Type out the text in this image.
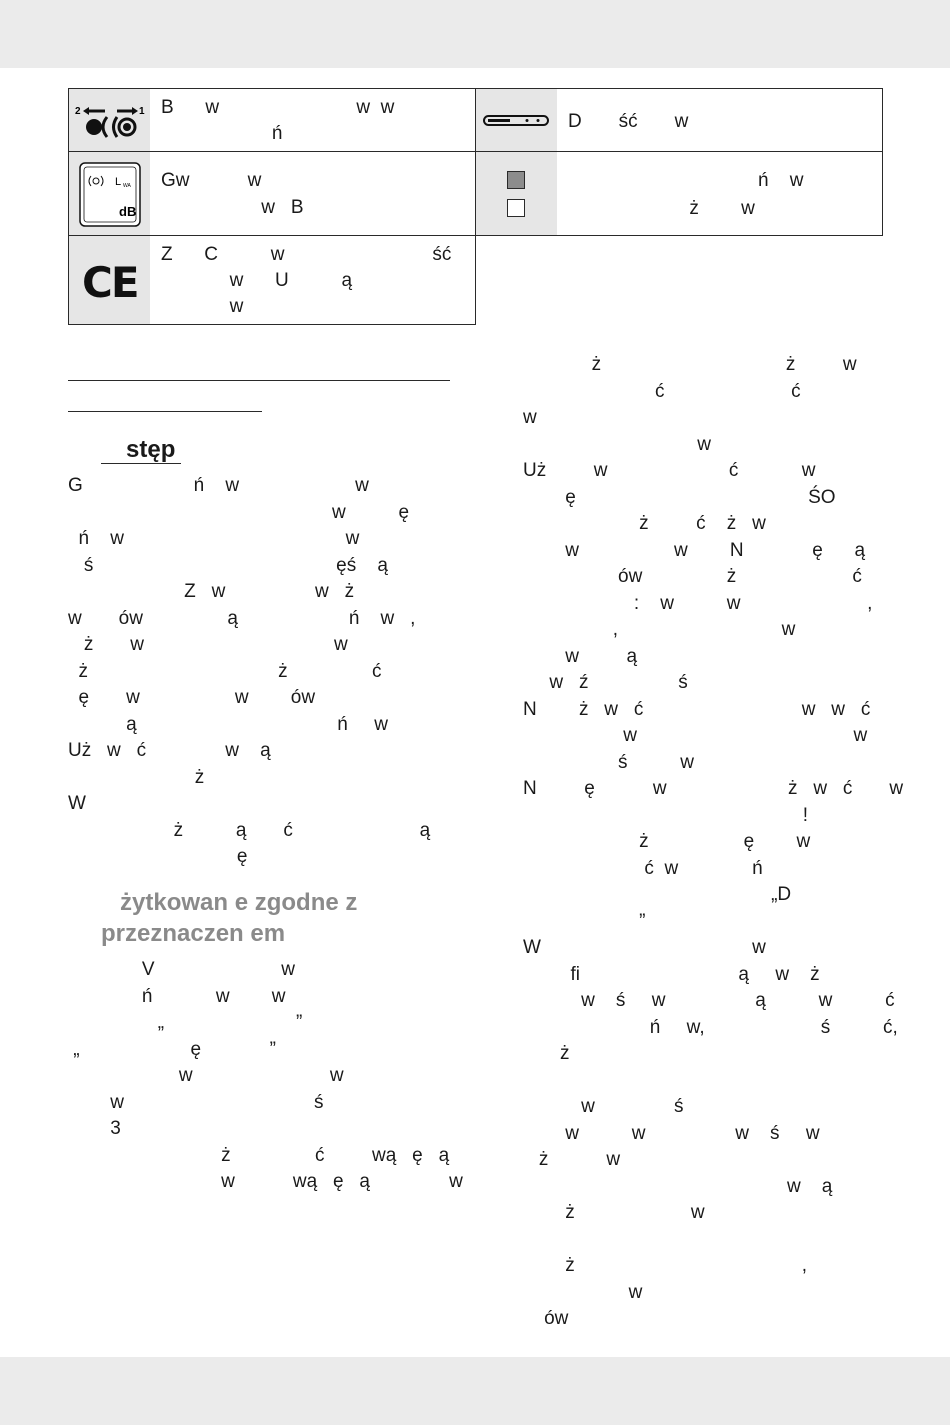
2	1 B      w                          w  w
ń
D       ść       w
L WA
dB
Gw           w
w   B
ń    w
ż        w
CE
Z      C          w                            ść
w      U          ą
w
stęp
G                     ń    w                      w
w          ę
ń    w                                          w
ś                                              ęś    ą
Z   w                 w   ż
w       ów                ą                     ń    w   ,
ż       w                                    w
ż                                    ż                ć
ę       w                  w        ów
ą                                      ń     w
Uż   w   ć               w    ą
ż
W
ż          ą       ć                        ą
ę
żytkowan e zgodne z
przeznaczen em
V                        w
ń            w        w
„                         ”
„                     ę             ”
w                          w
w                                    ś
3
ż                ć         wą   ę   ą
w           wą   ę   ą               w
ż                                   ż         w
ć                        ć
w
w
Uż         w                       ć            w
ę                                            ŚO
ż         ć    ż   w
w                  w        N             ę      ą
ów                ż                      ć
:    w          w                        ,
,                               w
w         ą
w   ź                 ś
N        ż   w   ć                              w   w   ć
w                                         w
ś          w
N         ę           w                       ż   w   ć       w
!
ż                  ę        w
ć  w              ń
„D
”
W                                        w
fi                              ą     w    ż
w    ś     w                 ą          w          ć
ń     w,                      ś          ć,
ż
w               ś
w          w                 w    ś     w
ż           w
w    ą
ż                      w
ż                                           ,
w
ów
